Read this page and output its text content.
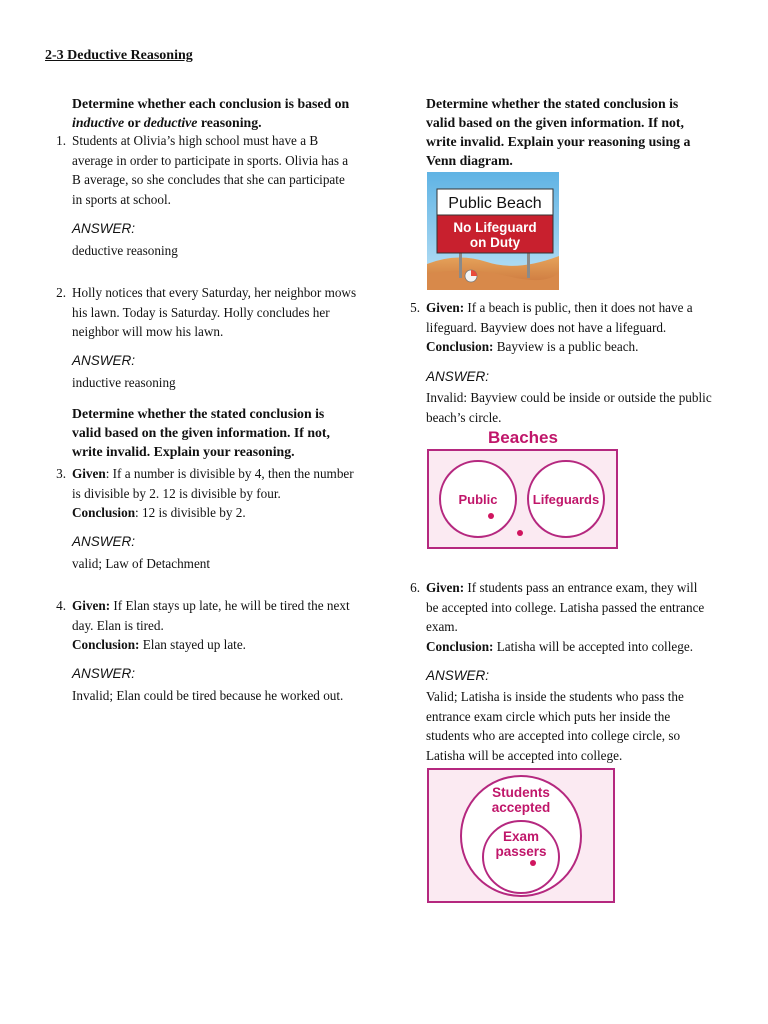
2-3 Deductive Reasoning
Determine whether each conclusion is based on
inductive or deductive reasoning.
1. Students at Olivia’s high school must have a B

average in order to participate in sports. Olivia has a

B average, so she concludes that she can participate

in sports at school.

ANSWER:
deductive reasoning
2. Holly notices that every Saturday, her neighbor mows

his lawn. Today is Saturday. Holly concludes her

neighbor will mow his lawn.

ANSWER:
inductive reasoning
Determine whether the stated conclusion is
valid based on the given information. If not,
write invalid. Explain your reasoning.
3. Given: If a number is divisible by 4, then the number

is divisible by 2. 12 is divisible by four.

Conclusion: 12 is divisible by 2.

ANSWER:
valid; Law of Detachment
4. Given: If Elan stays up late, he will be tired the next

day. Elan is tired.

Conclusion: Elan stayed up late.

ANSWER:
Invalid; Elan could be tired because he worked out.
Determine whether the stated conclusion is
valid based on the given information. If not,
write invalid. Explain your reasoning using a
Venn diagram.
Public Beach
No Lifeguard
on Duty
5. Given: If a beach is public, then it does not have a

lifeguard. Bayview does not have a lifeguard.

Conclusion: Bayview is a public beach.

ANSWER:

Invalid: Bayview could be inside or outside the public

beach’s circle.

Beaches
Public	Lifeguards
6. Given: If students pass an entrance exam, they will

be accepted into college. Latisha passed the entrance

exam.

Conclusion: Latisha will be accepted into college.

ANSWER:

Valid; Latisha is inside the students who pass the

entrance exam circle which puts her inside the

students who are accepted into college circle, so

Latisha will be accepted into college.

Students
accepted
Exam
passers
